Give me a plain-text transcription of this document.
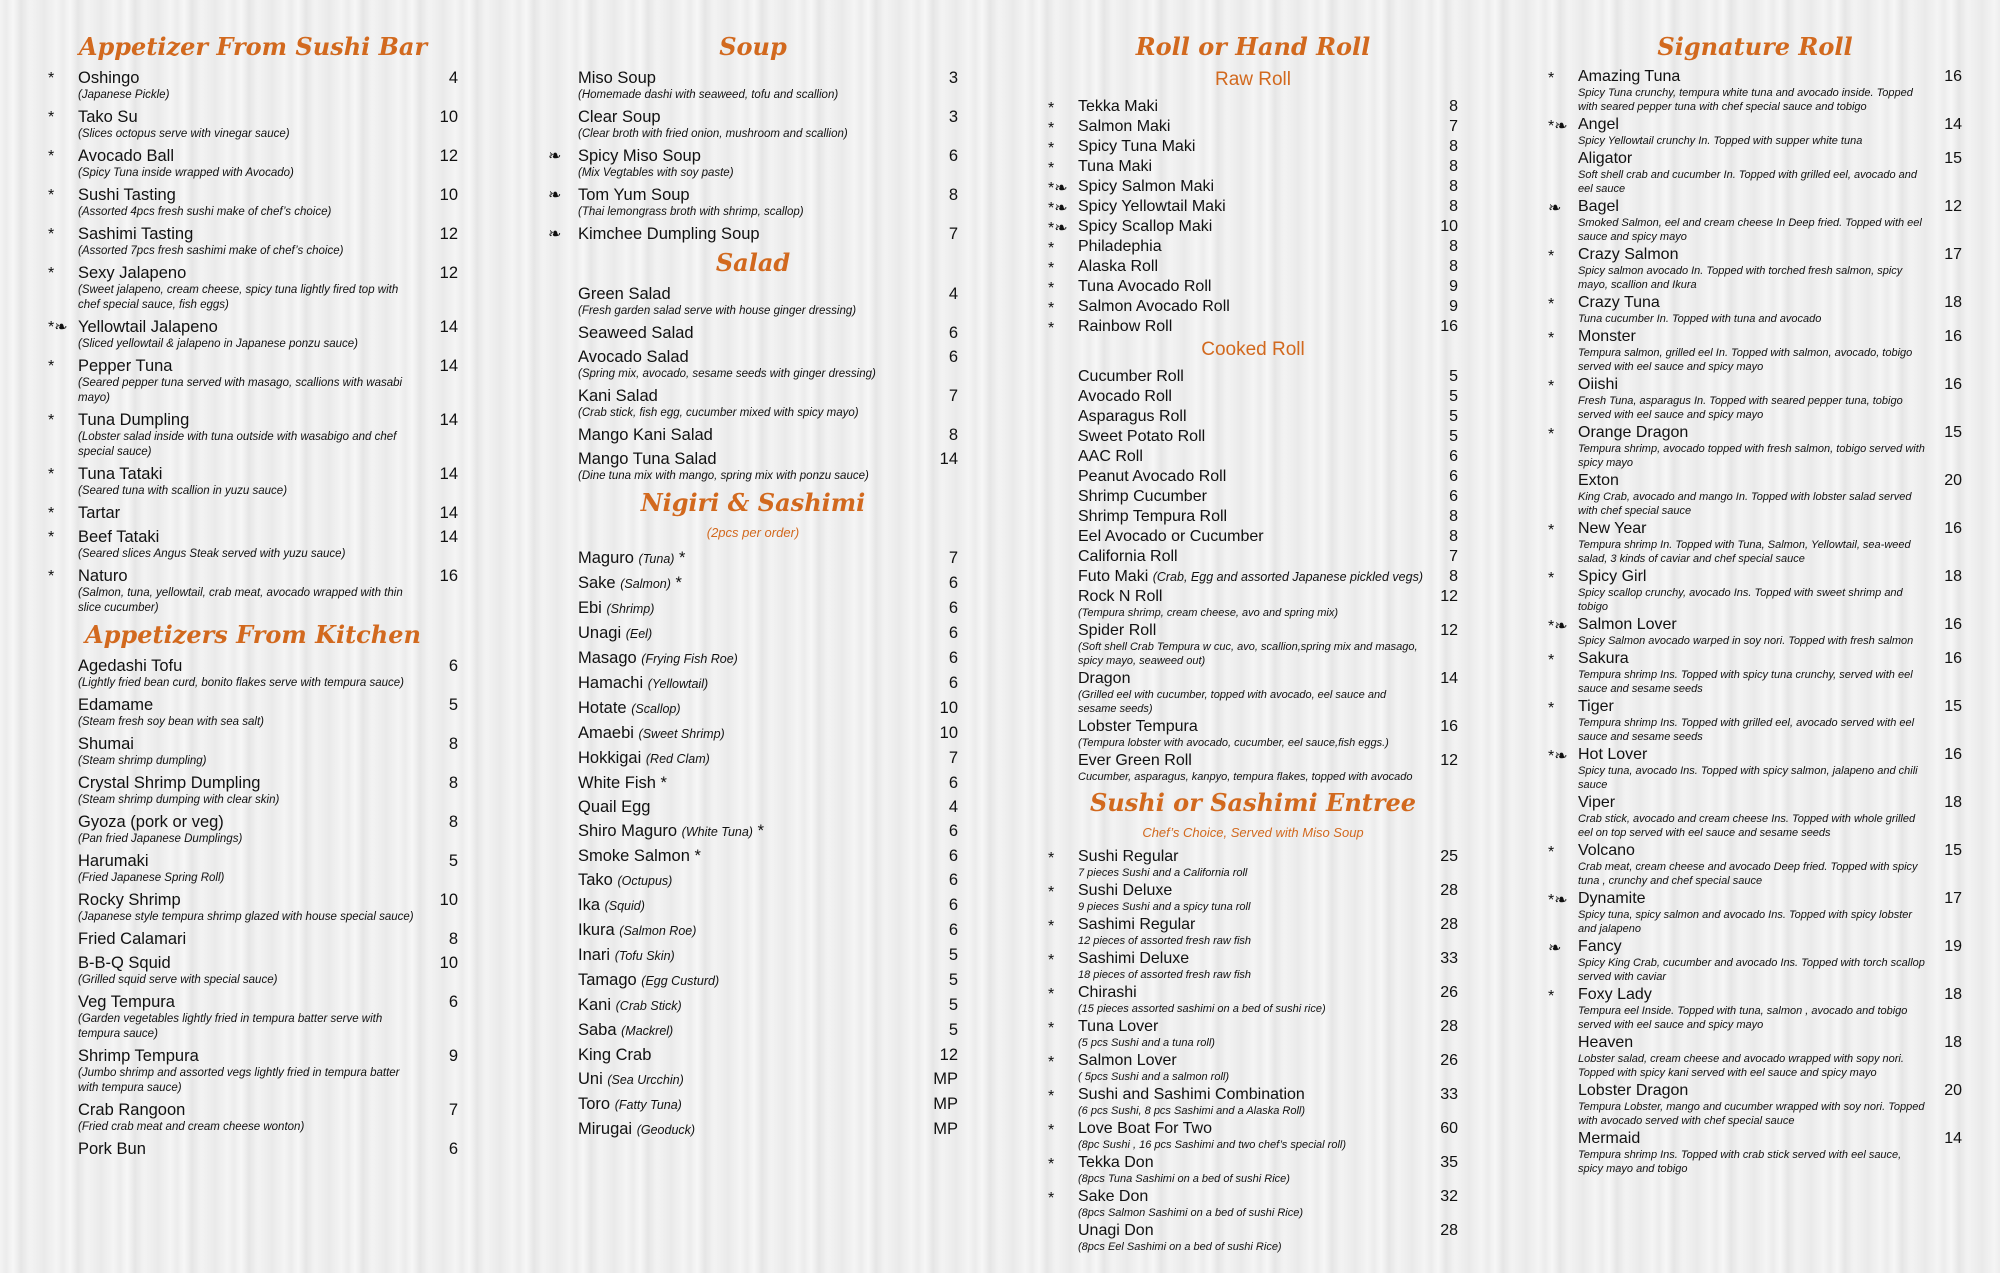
Appetizer From Sushi Bar
*	Oshingo	4
(Japanese Pickle)
*	Tako Su	10
(Slices octopus serve with vinegar sauce)
*	Avocado Ball	12
(Spicy Tuna inside wrapped with Avocado)
*	Sushi Tasting	10
(Assorted 4pcs fresh sushi make of chef’s choice)
*	Sashimi Tasting	12
(Assorted 7pcs fresh sashimi make of chef’s choice)
*	Sexy Jalapeno	12
(Sweet jalapeno, cream cheese, spicy tuna lightly fired top with chef special sauce, fish eggs)
*❧ Yellowtail Jalapeno	14
(Sliced yellowtail & jalapeno in Japanese ponzu sauce)
*	Pepper Tuna	14
(Seared pepper tuna served with masago, scallions with wasabi mayo)
*	Tuna Dumpling	14
(Lobster salad inside with tuna outside with wasabigo and chef special sauce)
*	Tuna Tataki	14
(Seared tuna with scallion in yuzu sauce)
*	Tartar	14
*	Beef Tataki	14
(Seared slices Angus Steak served with yuzu sauce)
*	Naturo	16
(Salmon, tuna, yellowtail, crab meat, avocado wrapped with thin slice cucumber)
Appetizers From Kitchen
Agedashi Tofu	6
(Lightly fried bean curd, bonito flakes serve with tempura sauce)
Edamame	5
(Steam fresh soy bean with sea salt)
Shumai	8
(Steam shrimp dumpling)
Crystal Shrimp Dumpling	8
(Steam shrimp dumping with clear skin)
Gyoza (pork or veg)	8
(Pan fried Japanese Dumplings)
Harumaki	5
(Fried Japanese Spring Roll)
Rocky Shrimp	10
(Japanese style tempura shrimp glazed with house special sauce)
Fried Calamari	8
B-B-Q Squid	10
(Grilled squid serve with special sauce)
Veg Tempura	6
(Garden vegetables lightly fried in tempura batter serve with tempura sauce)
Shrimp Tempura	9
(Jumbo shrimp and assorted vegs lightly fried in tempura batter with tempura sauce)
Crab Rangoon	7
(Fried crab meat and cream cheese wonton)
Pork Bun	6
Soup
Miso Soup	3
(Homemade dashi with seaweed, tofu and scallion)
Clear Soup	3
(Clear broth with fried onion, mushroom and scallion)
❧	Spicy Miso Soup	6
(Mix Vegtables with soy paste)
❧	Tom Yum Soup	8
(Thai lemongrass broth with shrimp, scallop)
❧	Kimchee Dumpling Soup	7
Salad
Green Salad	4
(Fresh garden salad serve with house ginger dressing)
Seaweed Salad	6
Avocado Salad	6
(Spring mix, avocado, sesame seeds with ginger dressing)
Kani Salad	7
(Crab stick, fish egg, cucumber mixed with spicy mayo)
Mango Kani Salad	8
Mango Tuna Salad	14
(Dine tuna mix with mango, spring mix with ponzu sauce)
Nigiri & Sashimi
(2pcs per order)
Maguro (Tuna) *	7
Sake (Salmon) *	6
Ebi (Shrimp)	6
Unagi (Eel)	6
Masago (Frying Fish Roe)	6
Hamachi (Yellowtail)	6
Hotate (Scallop)	10
Amaebi (Sweet Shrimp)	10
Hokkigai (Red Clam)	7
White Fish *	6
Quail Egg	4
Shiro Maguro (White Tuna) *	6
Smoke Salmon *	6
Tako (Octupus)	6
Ika (Squid)	6
Ikura (Salmon Roe)	6
Inari (Tofu Skin)	5
Tamago (Egg Custurd)	5
Kani (Crab Stick)	5
Saba (Mackrel)	5
King Crab	12
Uni (Sea Urcchin)	MP
Toro (Fatty Tuna)	MP
Mirugai (Geoduck)	MP
Roll or Hand Roll
Raw Roll
*	Tekka Maki	8
*	Salmon Maki	7
*	Spicy Tuna Maki	8
*	Tuna Maki	8
*❧ Spicy Salmon Maki	8
*❧ Spicy Yellowtail Maki	8
*❧ Spicy Scallop Maki	10
*	Philadephia	8
*	Alaska Roll	8
*	Tuna Avocado Roll	9
*	Salmon Avocado Roll	9
*	Rainbow Roll	16
Cooked Roll
Cucumber Roll	5
Avocado Roll	5
Asparagus Roll	5
Sweet Potato Roll	5
AAC Roll	6
Peanut Avocado Roll	6
Shrimp Cucumber	6
Shrimp Tempura Roll	8
Eel Avocado or Cucumber	8
California Roll	7
Futo Maki (Crab, Egg and assorted Japanese pickled vegs)	8
Rock N Roll	12
(Tempura shrimp, cream cheese, avo and spring mix)
Spider Roll	12
(Soft shell Crab Tempura w cuc, avo, scallion,spring mix and masago, spicy mayo, seaweed out)
Dragon	14
(Grilled eel with cucumber, topped with avocado, eel sauce and sesame seeds)
Lobster Tempura	16
(Tempura lobster with avocado, cucumber, eel sauce,fish eggs.)
Ever Green Roll	12
Cucumber, asparagus, kanpyo, tempura flakes, topped with avocado
Sushi or Sashimi Entree
Chef’s Choice, Served with Miso Soup
*	Sushi Regular	25
7 pieces Sushi and a California roll
*	Sushi Deluxe	28
9 pieces Sushi and a spicy tuna roll
*	Sashimi Regular	28
12 pieces of assorted fresh raw fish
*	Sashimi Deluxe	33
18 pieces of assorted fresh raw fish
*	Chirashi	26
(15 pieces assorted sashimi on a bed of sushi rice)
*	Tuna Lover	28
(5 pcs Sushi and a tuna roll)
*	Salmon Lover	26
( 5pcs Sushi and a salmon roll)
*	Sushi and Sashimi Combination	33
(6 pcs Sushi, 8 pcs Sashimi and a Alaska Roll)
*	Love Boat For Two	60
(8pc Sushi , 16 pcs Sashimi and two chef’s special roll)
*	Tekka Don	35
(8pcs Tuna Sashimi on a bed of sushi Rice)
*	Sake Don	32
(8pcs Salmon Sashimi on a bed of sushi Rice)
Unagi Don	28
(8pcs Eel Sashimi on a bed of sushi Rice)
Signature Roll
*	Amazing Tuna	16
Spicy Tuna crunchy, tempura white tuna and avocado inside. Topped with seared pepper tuna with chef special sauce and tobigo
*❧ Angel	14
Spicy Yellowtail crunchy In. Topped with supper white tuna
Aligator	15
Soft shell crab and cucumber In. Topped with grilled eel, avocado and eel sauce
❧	Bagel	12
Smoked Salmon, eel and cream cheese In Deep fried. Topped with eel sauce and spicy mayo
*	Crazy Salmon	17
Spicy salmon avocado In. Topped with torched fresh salmon, spicy mayo, scallion and Ikura
*	Crazy Tuna	18
Tuna cucumber In. Topped with tuna and avocado
*	Monster	16
Tempura salmon, grilled eel In. Topped with salmon, avocado, tobigo served with eel sauce and spicy mayo
*	Oiishi	16
Fresh Tuna, asparagus In. Topped with seared pepper tuna, tobigo served with eel sauce and spicy mayo
*	Orange Dragon	15
Tempura shrimp, avocado topped with fresh salmon, tobigo served with spicy mayo
Exton	20
King Crab, avocado and mango In. Topped with lobster salad served with chef special sauce
*	New Year	16
Tempura shrimp In. Topped with Tuna, Salmon, Yellowtail, sea-weed salad, 3 kinds of caviar and chef special sauce
*	Spicy Girl	18
Spicy scallop crunchy, avocado Ins. Topped with sweet shrimp and tobigo
*❧ Salmon Lover	16
Spicy Salmon avocado warped in soy nori. Topped with fresh salmon
*	Sakura	16
Tempura shrimp Ins. Topped with spicy tuna crunchy, served with eel sauce and sesame seeds
*	Tiger	15
Tempura shrimp Ins. Topped with grilled eel, avocado served with eel sauce and sesame seeds
*❧ Hot Lover	16
Spicy tuna, avocado Ins. Topped with spicy salmon, jalapeno and chili sauce
Viper	18
Crab stick, avocado and cream cheese Ins. Topped with whole grilled eel on top served with eel sauce and sesame seeds
*	Volcano	15
Crab meat, cream cheese and avocado Deep fried. Topped with spicy tuna , crunchy and chef special sauce
*❧ Dynamite	17
Spicy tuna, spicy salmon and avocado Ins. Topped with spicy lobster and jalapeno
❧	Fancy	19
Spicy King Crab, cucumber and avocado Ins. Topped with torch scallop served with caviar
*	Foxy Lady	18
Tempura eel Inside. Topped with tuna, salmon , avocado and tobigo served with eel sauce and spicy mayo
Heaven	18
Lobster salad, cream cheese and avocado wrapped with sopy nori. Topped with spicy kani served with eel sauce and spicy mayo
Lobster Dragon	20
Tempura Lobster, mango and cucumber wrapped with soy nori. Topped with avocado served with chef special sauce
Mermaid	14
Tempura shrimp Ins. Topped with crab stick served with eel sauce, spicy mayo and tobigo
